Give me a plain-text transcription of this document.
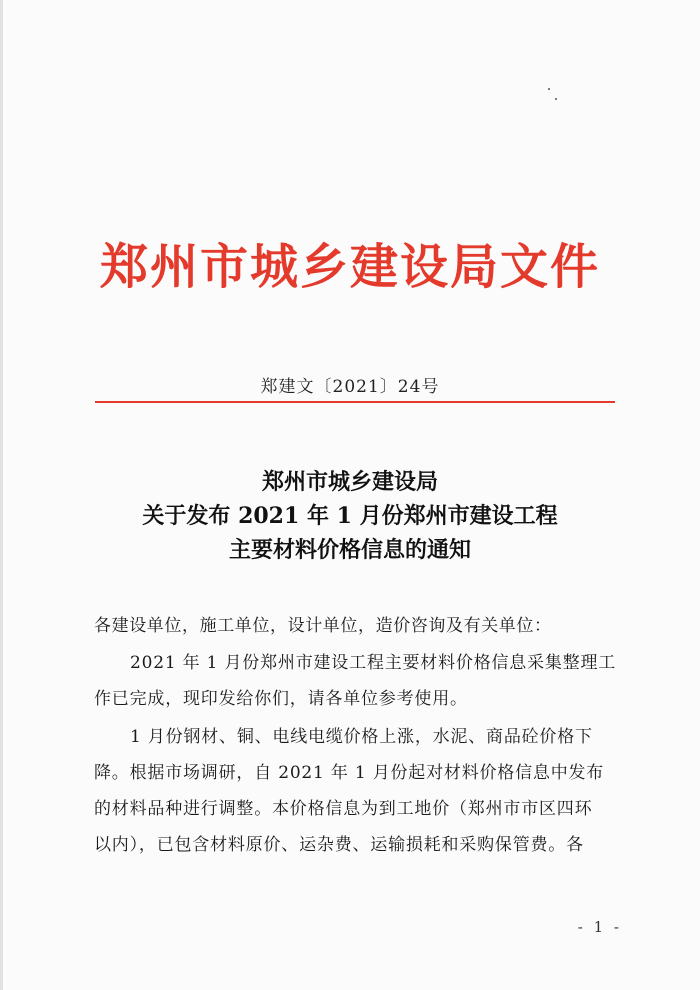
郑州市城乡建设局文件
郑建文〔2021〕24号
郑州市城乡建设局
关于发布 2021 年 1 月份郑州市建设工程
主要材料价格信息的通知
各建设单位，施工单位，设计单位，造价咨询及有关单位：
2021 年 1 月份郑州市建设工程主要材料价格信息采集整理工
作已完成，现印发给你们，请各单位参考使用。
1 月份钢材、铜、电线电缆价格上涨，水泥、商品砼价格下
降。根据市场调研，自 2021 年 1 月份起对材料价格信息中发布
的材料品种进行调整。本价格信息为到工地价（郑州市市区四环
以内），已包含材料原价、运杂费、运输损耗和采购保管费。各
- 1 -
